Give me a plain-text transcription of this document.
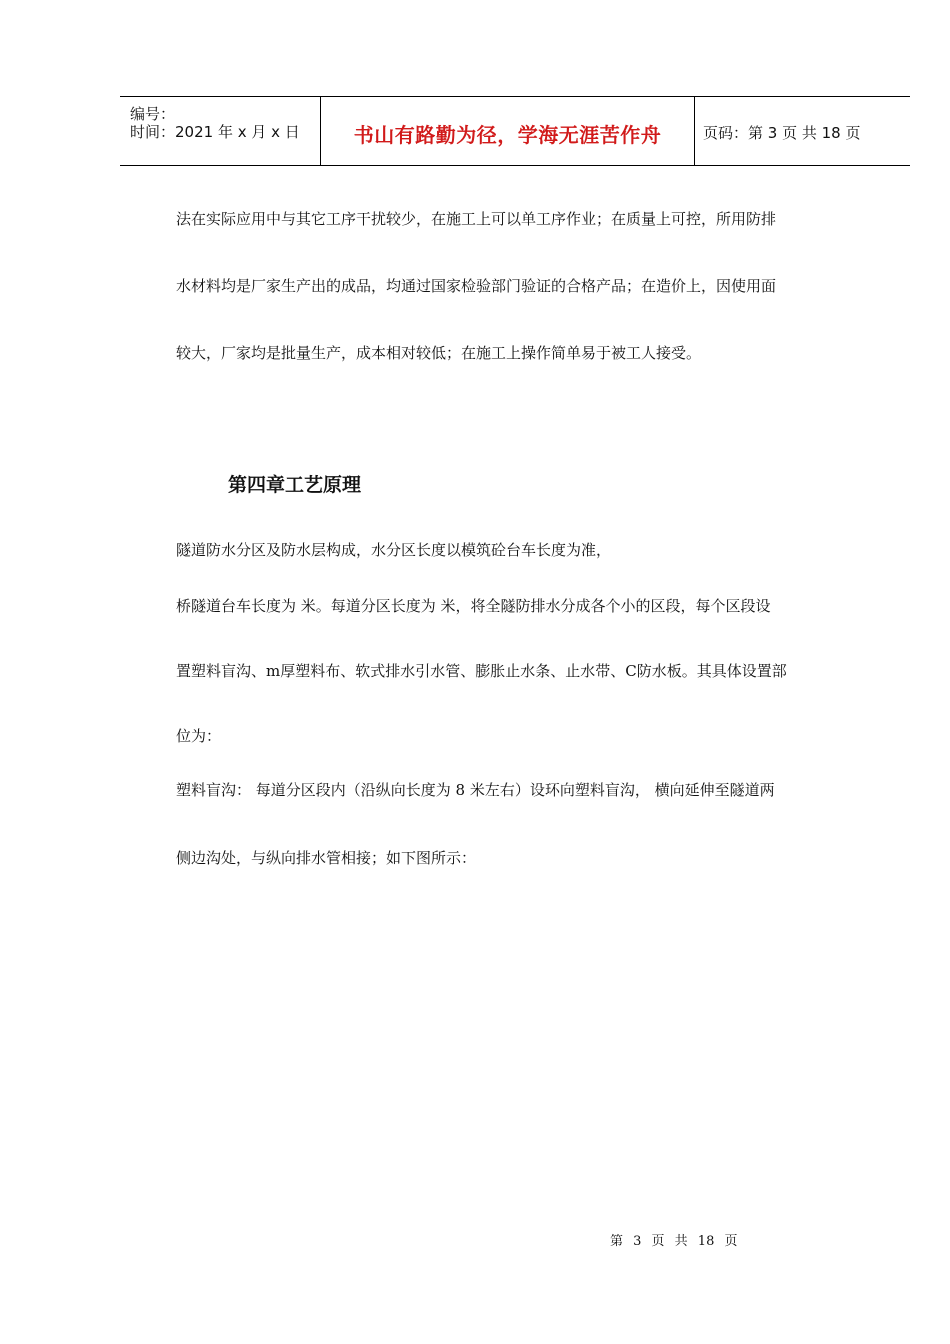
编号：
时间：2021 年 x 月 x 日	书山有路勤为径，学海无涯苦作舟	页码：第 3 页 共 18 页
法在实际应用中与其它工序干扰较少，在施工上可以单工序作业；在质量上可控，所用防排
水材料均是厂家生产出的成品，均通过国家检验部门验证的合格产品；在造价上，因使用面
较大，厂家均是批量生产，成本相对较低；在施工上操作简单易于被工人接受。
第四章工艺原理
隧道防水分区及防水层构成，水分区长度以模筑砼台车长度为准，
桥隧道台车长度为 米。每道分区长度为 米，将全隧防排水分成各个小的区段，每个区段设
置塑料盲沟、m厚塑料布、软式排水引水管、膨胀止水条、止水带、C防水板。其具体设置部
位为：
塑料盲沟： 每道分区段内（沿纵向长度为 8 米左右）设环向塑料盲沟， 横向延伸至隧道两
侧边沟处，与纵向排水管相接；如下图所示：
第 3 页 共 18 页
